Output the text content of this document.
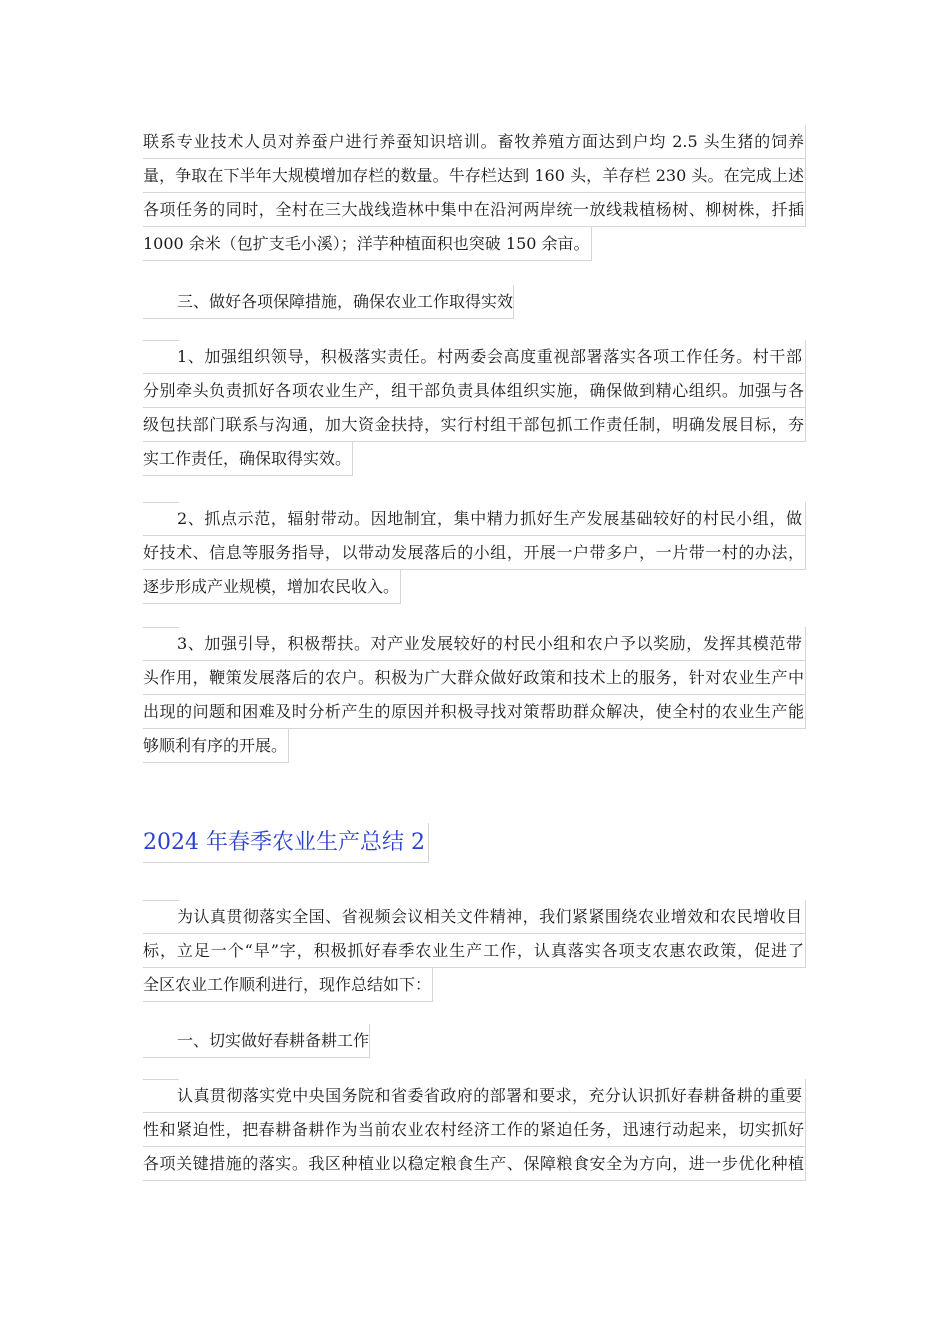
联系专业技术人员对养蚕户进行养蚕知识培训。畜牧养殖方面达到户均 2.5 头生猪的饲养
量，争取在下半年大规模增加存栏的数量。牛存栏达到 160 头，羊存栏 230 头。在完成上述
各项任务的同时，全村在三大战线造林中集中在沿河两岸统一放线栽植杨树、柳树株，扦插
1000 余米（包扩支毛小溪）；洋芋种植面积也突破 150 余亩。
三、做好各项保障措施，确保农业工作取得实效
1、加强组织领导，积极落实责任。村两委会高度重视部署落实各项工作任务。村干部
分别牵头负责抓好各项农业生产，组干部负责具体组织实施，确保做到精心组织。加强与各
级包扶部门联系与沟通，加大资金扶持，实行村组干部包抓工作责任制，明确发展目标，夯
实工作责任，确保取得实效。
2、抓点示范，辐射带动。因地制宜，集中精力抓好生产发展基础较好的村民小组，做
好技术、信息等服务指导，以带动发展落后的小组，开展一户带多户，一片带一村的办法，
逐步形成产业规模，增加农民收入。
3、加强引导，积极帮扶。对产业发展较好的村民小组和农户予以奖励，发挥其模范带
头作用，鞭策发展落后的农户。积极为广大群众做好政策和技术上的服务，针对农业生产中
出现的问题和困难及时分析产生的原因并积极寻找对策帮助群众解决，使全村的农业生产能
够顺利有序的开展。
2024 年春季农业生产总结 2
为认真贯彻落实全国、省视频会议相关文件精神，我们紧紧围绕农业增效和农民增收目
标，立足一个“早”字，积极抓好春季农业生产工作，认真落实各项支农惠农政策，促进了
全区农业工作顺利进行，现作总结如下：
一、切实做好春耕备耕工作
认真贯彻落实党中央国务院和省委省政府的部署和要求，充分认识抓好春耕备耕的重要
性和紧迫性，把春耕备耕作为当前农业农村经济工作的紧迫任务，迅速行动起来，切实抓好
各项关键措施的落实。我区种植业以稳定粮食生产、保障粮食安全为方向，进一步优化种植
